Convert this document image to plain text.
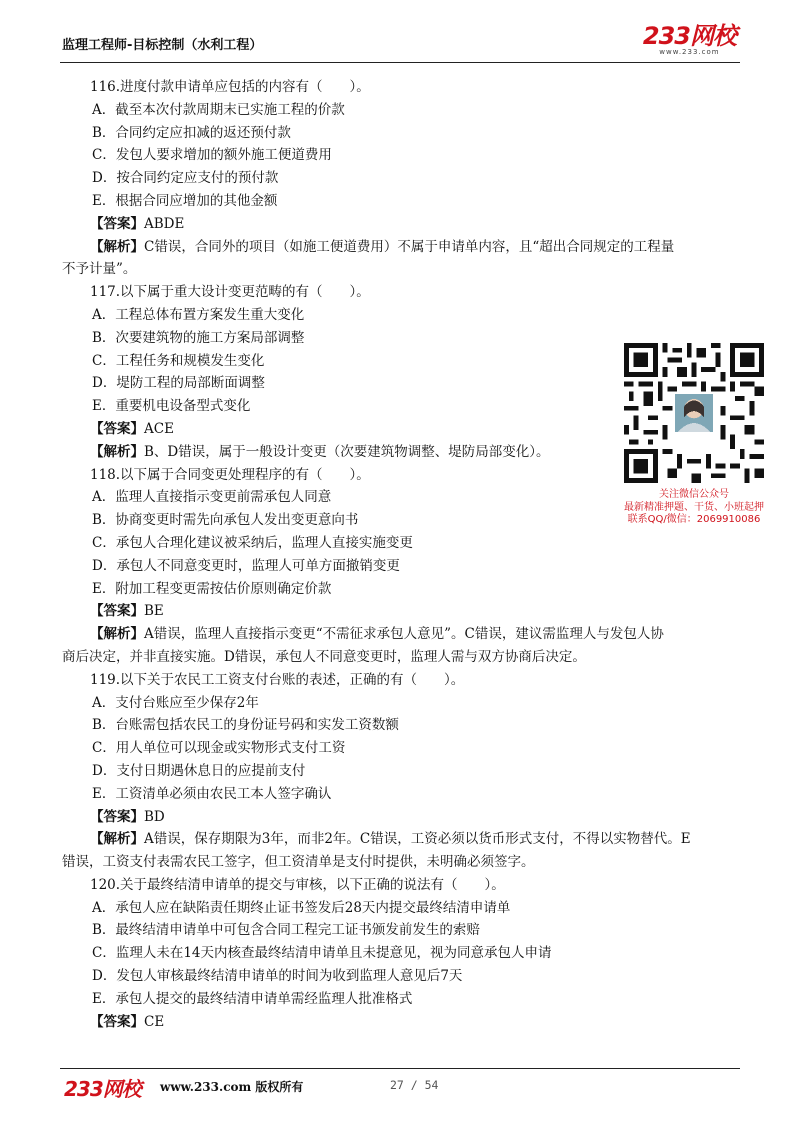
监理工程师-目标控制（水利工程）	233网校
www.233.com
116.进度付款申请单应包括的内容有（　　）。
A．截至本次付款周期末已实施工程的价款
B．合同约定应扣减的返还预付款
C．发包人要求增加的额外施工便道费用
D．按合同约定应支付的预付款
E．根据合同应增加的其他金额
【答案】ABDE
【解析】C错误，合同外的项目（如施工便道费用）不属于申请单内容，且“超出合同规定的工程量
不予计量”。
117.以下属于重大设计变更范畴的有（　　）。
A．工程总体布置方案发生重大变化
B．次要建筑物的施工方案局部调整
C．工程任务和规模发生变化
D．堤防工程的局部断面调整
E．重要机电设备型式变化
【答案】ACE
【解析】B、D错误，属于一般设计变更（次要建筑物调整、堤防局部变化）。
118.以下属于合同变更处理程序的有（　　）。
A．监理人直接指示变更前需承包人同意
B．协商变更时需先向承包人发出变更意向书
C．承包人合理化建议被采纳后，监理人直接实施变更
D．承包人不同意变更时，监理人可单方面撤销变更
E．附加工程变更需按估价原则确定价款
【答案】BE
【解析】A错误，监理人直接指示变更“不需征求承包人意见”。C错误，建议需监理人与发包人协
商后决定，并非直接实施。D错误，承包人不同意变更时，监理人需与双方协商后决定。
119.以下关于农民工工资支付台账的表述，正确的有（　　）。
A．支付台账应至少保存2年
B．台账需包括农民工的身份证号码和实发工资数额
C．用人单位可以现金或实物形式支付工资
D．支付日期遇休息日的应提前支付
E．工资清单必须由农民工本人签字确认
【答案】BD
【解析】A错误，保存期限为3年，而非2年。C错误，工资必须以货币形式支付，不得以实物替代。E
错误，工资支付表需农民工签字，但工资清单是支付时提供，未明确必须签字。
120.关于最终结清申请单的提交与审核，以下正确的说法有（　　）。
A．承包人应在缺陷责任期终止证书签发后28天内提交最终结清申请单
B．最终结清申请单中可包含合同工程完工证书颁发前发生的索赔
C．监理人未在14天内核查最终结清申请单且未提意见，视为同意承包人申请
D．发包人审核最终结清申请单的时间为收到监理人意见后7天
E．承包人提交的最终结清申请单需经监理人批准格式
【答案】CE
关注微信公众号
最新精准押题、干货、小班起押
联系QQ/微信：2069910086
233网校 www.233.com 版权所有	27 / 54
